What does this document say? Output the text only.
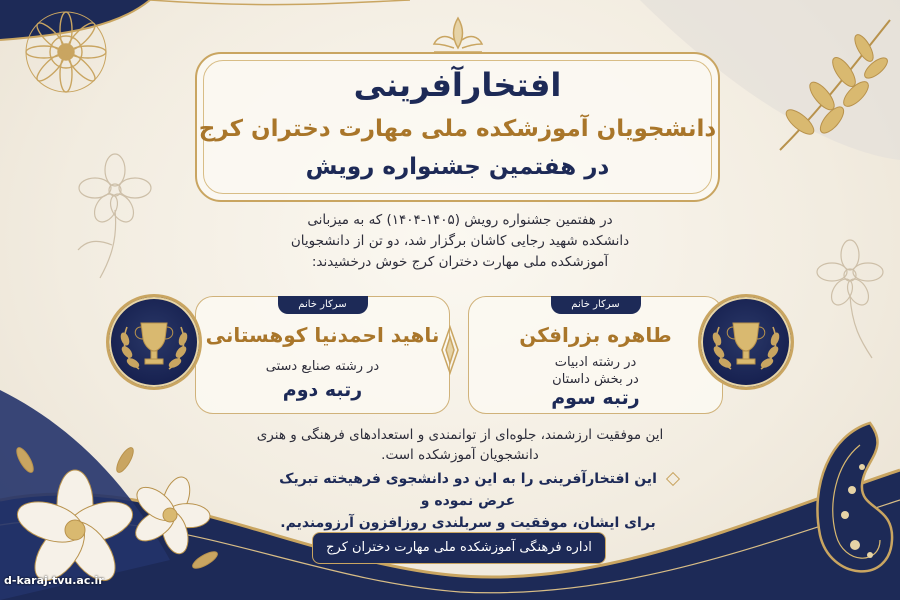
افتخارآفرینی
دانشجویان آموزشکده ملی مهارت دختران کرج
در هفتمین جشنواره رویش
در هفتمین جشنواره رویش (۱۴۰۵-۱۴۰۴) که به میزبانی
دانشکده شهید رجایی کاشان برگزار شد، دو تن از دانشجویان
آموزشکده ملی مهارت دختران کرج خوش درخشیدند:
سرکار خانم
طاهره بزرافکن
در رشته ادبیات
در بخش داستان
رتبه سوم
سرکار خانم
ناهید احمدنیا کوهستانی
در رشته صنایع دستی
رتبه دوم
این موفقیت ارزشمند، جلوه‌ای از توانمندی و استعدادهای فرهنگی و هنری
دانشجویان آموزشکده است.
این افتخارآفرینی را به این دو دانشجوی فرهیخته تبریک عرض نموده و
برای ایشان، موفقیت و سربلندی روزافزون آرزومندیم.
اداره فرهنگی آموزشکده ملی مهارت دختران کرج
d-karaj.tvu.ac.ir
